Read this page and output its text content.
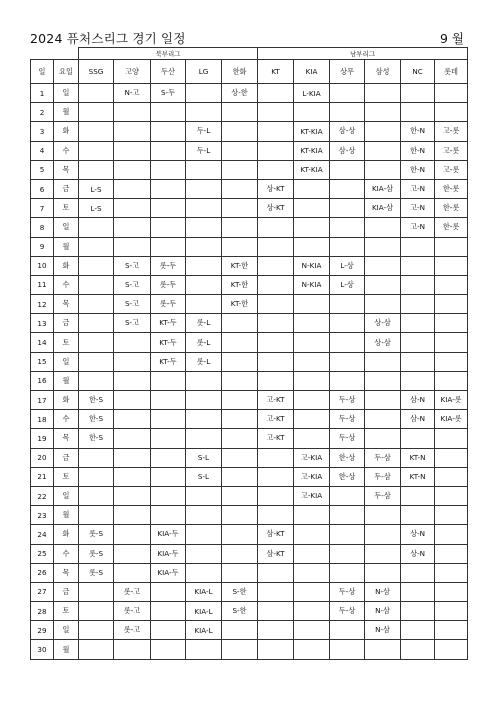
2024 퓨처스리그 경기 일정	9 월
		북부리그					남부리그					
일	요일	SSG	고양	두산	LG	한화	KT	KIA	상무	삼성	NC	롯데
1	일		N-고	S-두		상-한		L-KIA				
2	월											
3	화				두-L			KT-KIA	삼-상		한-N	고-롯
4	수				두-L			KT-KIA	삼-상		한-N	고-롯
5	목							KT-KIA			한-N	고-롯
6	금	L-S					상-KT			KIA-삼	고-N	한-롯
7	토	L-S					상-KT			KIA-삼	고-N	한-롯
8	일										고-N	한-롯
9	월											
10	화		S-고	롯-두		KT-한		N-KIA	L-상			
11	수		S-고	롯-두		KT-한		N-KIA	L-상			
12	목		S-고	롯-두		KT-한						
13	금		S-고	KT-두	롯-L					상-삼		
14	토			KT-두	롯-L					상-삼		
15	일			KT-두	롯-L							
16	월											
17	화	한-S					고-KT		두-상		삼-N	KIA-롯
18	수	한-S					고-KT		두-상		삼-N	KIA-롯
19	목	한-S					고-KT		두-상			
20	금				S-L			고-KIA	한-상	두-삼	KT-N	
21	토				S-L			고-KIA	한-상	두-삼	KT-N	
22	일							고-KIA		두-삼		
23	월											
24	화	롯-S		KIA-두			삼-KT				상-N	
25	수	롯-S		KIA-두			삼-KT				상-N	
26	목	롯-S		KIA-두								
27	금		롯-고		KIA-L	S-한			두-상	N-삼		
28	토		롯-고		KIA-L	S-한			두-상	N-삼		
29	일		롯-고		KIA-L					N-삼		
30	월											
